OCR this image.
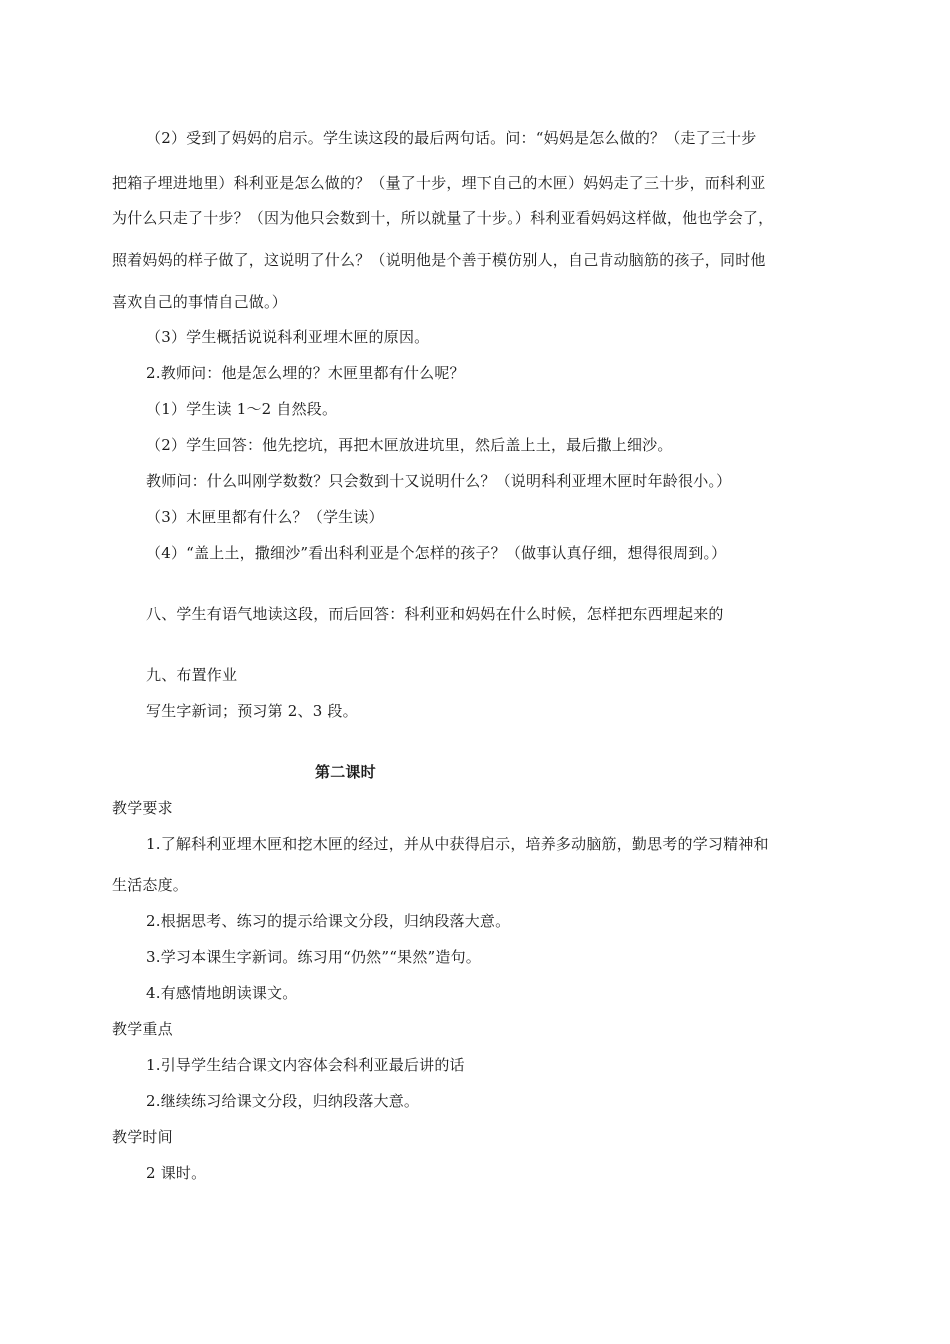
（2）受到了妈妈的启示。学生读这段的最后两句话。问：“妈妈是怎么做的？（走了三十步
把箱子埋进地里）科利亚是怎么做的？（量了十步，埋下自己的木匣）妈妈走了三十步，而科利亚
为什么只走了十步？（因为他只会数到十，所以就量了十步。）科利亚看妈妈这样做，他也学会了，
照着妈妈的样子做了，这说明了什么？（说明他是个善于模仿别人，自己肯动脑筋的孩子，同时他
喜欢自己的事情自己做。）
（3）学生概括说说科利亚埋木匣的原因。
2.教师问：他是怎么埋的？木匣里都有什么呢？
（1）学生读 1～2 自然段。
（2）学生回答：他先挖坑，再把木匣放进坑里，然后盖上土，最后撒上细沙。
教师问：什么叫刚学数数？只会数到十又说明什么？（说明科利亚埋木匣时年龄很小。）
（3）木匣里都有什么？（学生读）
（4）“盖上土，撒细沙”看出科利亚是个怎样的孩子？（做事认真仔细，想得很周到。）
八、学生有语气地读这段，而后回答：科利亚和妈妈在什么时候，怎样把东西埋起来的
九、布置作业
写生字新词；预习第 2、3 段。
第二课时
教学要求
1.了解科利亚埋木匣和挖木匣的经过，并从中获得启示，培养多动脑筋，勤思考的学习精神和
生活态度。
2.根据思考、练习的提示给课文分段，归纳段落大意。
3.学习本课生字新词。练习用“仍然”“果然”造句。
4.有感情地朗读课文。
教学重点
1.引导学生结合课文内容体会科利亚最后讲的话
2.继续练习给课文分段，归纳段落大意。
教学时间
2 课时。
